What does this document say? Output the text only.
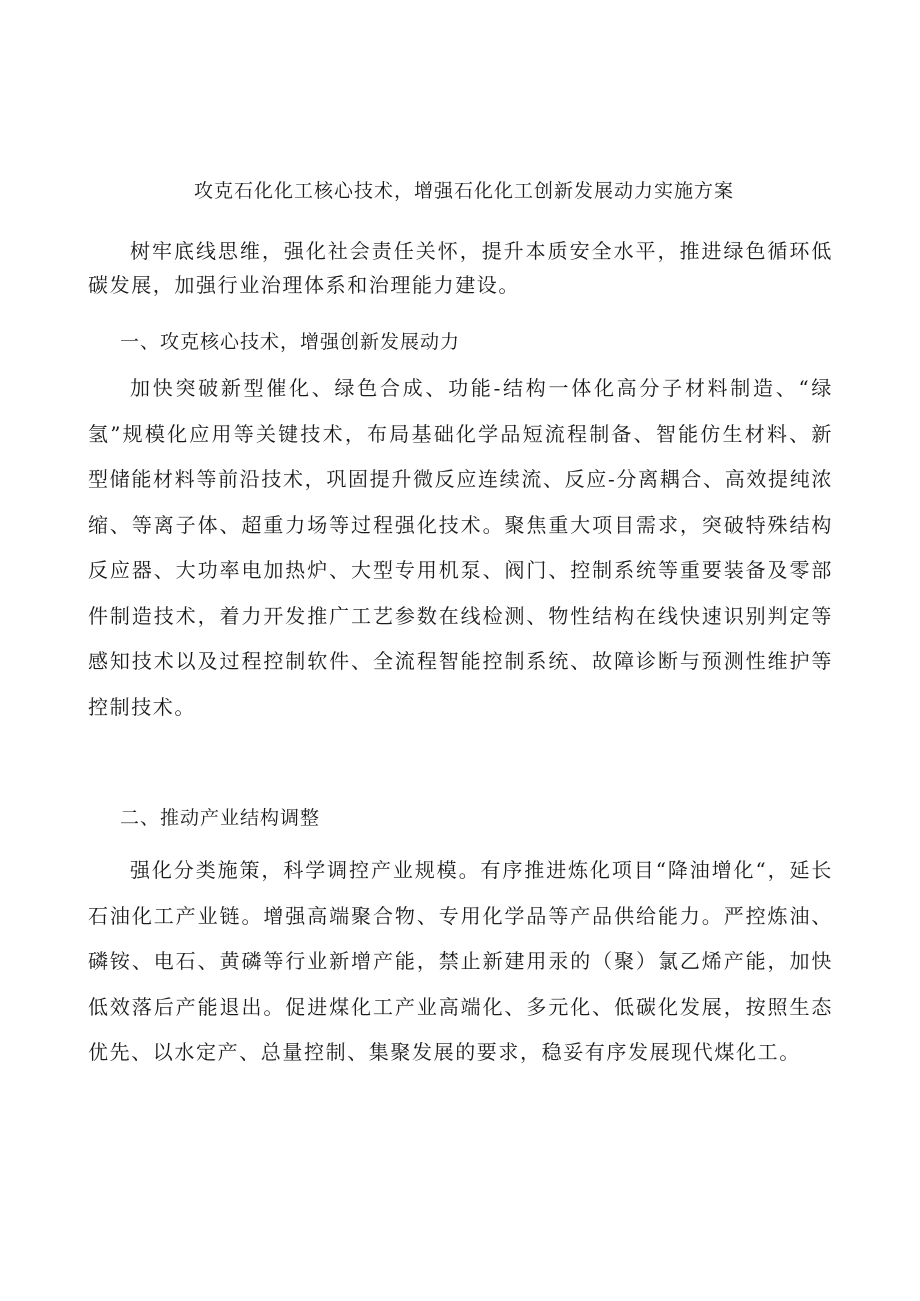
攻克石化化工核心技术，增强石化化工创新发展动力实施方案

树牢底线思维，强化社会责任关怀，提升本质安全水平，推进绿色循环低碳发展，加强行业治理体系和治理能力建设。

一、攻克核心技术，增强创新发展动力

加快突破新型催化、绿色合成、功能-结构一体化高分子材料制造、“绿氢”规模化应用等关键技术，布局基础化学品短流程制备、智能仿生材料、新型储能材料等前沿技术，巩固提升微反应连续流、反应-分离耦合、高效提纯浓缩、等离子体、超重力场等过程强化技术。聚焦重大项目需求，突破特殊结构反应器、大功率电加热炉、大型专用机泵、阀门、控制系统等重要装备及零部件制造技术，着力开发推广工艺参数在线检测、物性结构在线快速识别判定等感知技术以及过程控制软件、全流程智能控制系统、故障诊断与预测性维护等控制技术。

二、推动产业结构调整

强化分类施策，科学调控产业规模。有序推进炼化项目“降油增化“，延长石油化工产业链。增强高端聚合物、专用化学品等产品供给能力。严控炼油、磷铵、电石、黄磷等行业新增产能，禁止新建用汞的（聚）氯乙烯产能，加快低效落后产能退出。促进煤化工产业高端化、多元化、低碳化发展，按照生态优先、以水定产、总量控制、集聚发展的要求，稳妥有序发展现代煤化工。
